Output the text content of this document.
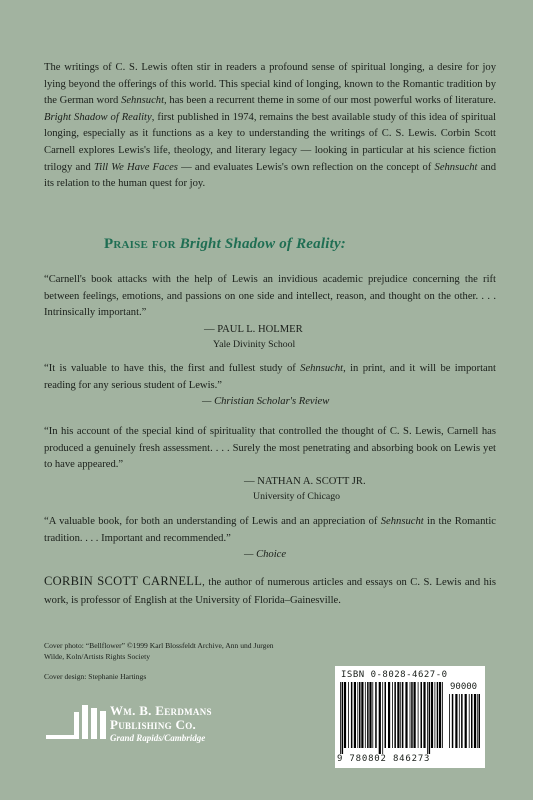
The writings of C. S. Lewis often stir in readers a profound sense of spiritual longing, a desire for joy lying beyond the offerings of this world. This special kind of longing, known to the Romantic tradition by the German word Sehnsucht, has been a recurrent theme in some of our most powerful works of literature. Bright Shadow of Reality, first published in 1974, remains the best available study of this idea of spiritual longing, especially as it functions as a key to understanding the writings of C. S. Lewis. Corbin Scott Carnell explores Lewis's life, theology, and literary legacy — looking in particular at his science fiction trilogy and Till We Have Faces — and evaluates Lewis's own reflection on the concept of Sehnsucht and its relation to the human quest for joy.

Praise for Bright Shadow of Reality:

“Carnell's book attacks with the help of Lewis an invidious academic prejudice concerning the rift between feelings, emotions, and passions on one side and intellect, reason, and thought on the other. . . . Intrinsically important.”

— PAUL L. HOLMER
Yale Divinity School

“It is valuable to have this, the first and fullest study of Sehnsucht, in print, and it will be important reading for any serious student of Lewis.”

— Christian Scholar's Review

“In his account of the special kind of spirituality that controlled the thought of C. S. Lewis, Carnell has produced a genuinely fresh assessment. . . . Surely the most penetrating and absorbing book on Lewis yet to have appeared.”

— NATHAN A. SCOTT JR.
University of Chicago

“A valuable book, for both an understanding of Lewis and an appreciation of Sehnsucht in the Romantic tradition. . . . Important and recommended.”

— Choice

CORBIN SCOTT CARNELL, the author of numerous articles and essays on C. S. Lewis and his work, is professor of English at the University of Florida–Gainesville.

Cover photo: “Bellflower” ©1999 Karl Blossfeldt Archive, Ann und Jurgen Wilde, Koln/Artists Rights Society

Cover design: Stephanie Hartings

Wm. B. Eerdmans
Publishing Co.
Grand Rapids/Cambridge
ISBN 0-8028-4627-0
90000
9 780802 846273
